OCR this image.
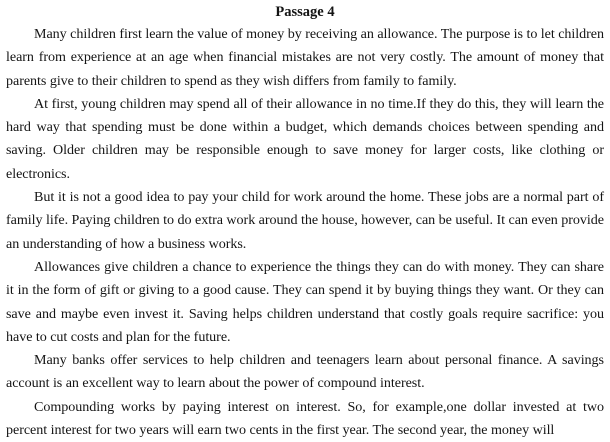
Passage 4

Many children first learn the value of money by receiving an allowance. The purpose is to let children learn from experience at an age when financial mistakes are not very costly. The amount of money that parents give to their children to spend as they wish differs from family to family.

At first, young children may spend all of their allowance in no time.If they do this, they will learn the hard way that spending must be done within a budget, which demands choices between spending and saving. Older children may be responsible enough to save money for larger costs, like clothing or electronics.

But it is not a good idea to pay your child for work around the home. These jobs are a normal part of family life. Paying children to do extra work around the house, however, can be useful. It can even provide an understanding of how a business works.

Allowances give children a chance to experience the things they can do with money. They can share it in the form of gift or giving to a good cause. They can spend it by buying things they want. Or they can save and maybe even invest it. Saving helps children understand that costly goals require sacrifice: you have to cut costs and plan for the future.

Many banks offer services to help children and teenagers learn about personal finance. A savings account is an excellent way to learn about the power of compound interest.

Compounding works by paying interest on interest. So, for example,one dollar invested at two percent interest for two years will earn two cents in the first year. The second year, the money will
